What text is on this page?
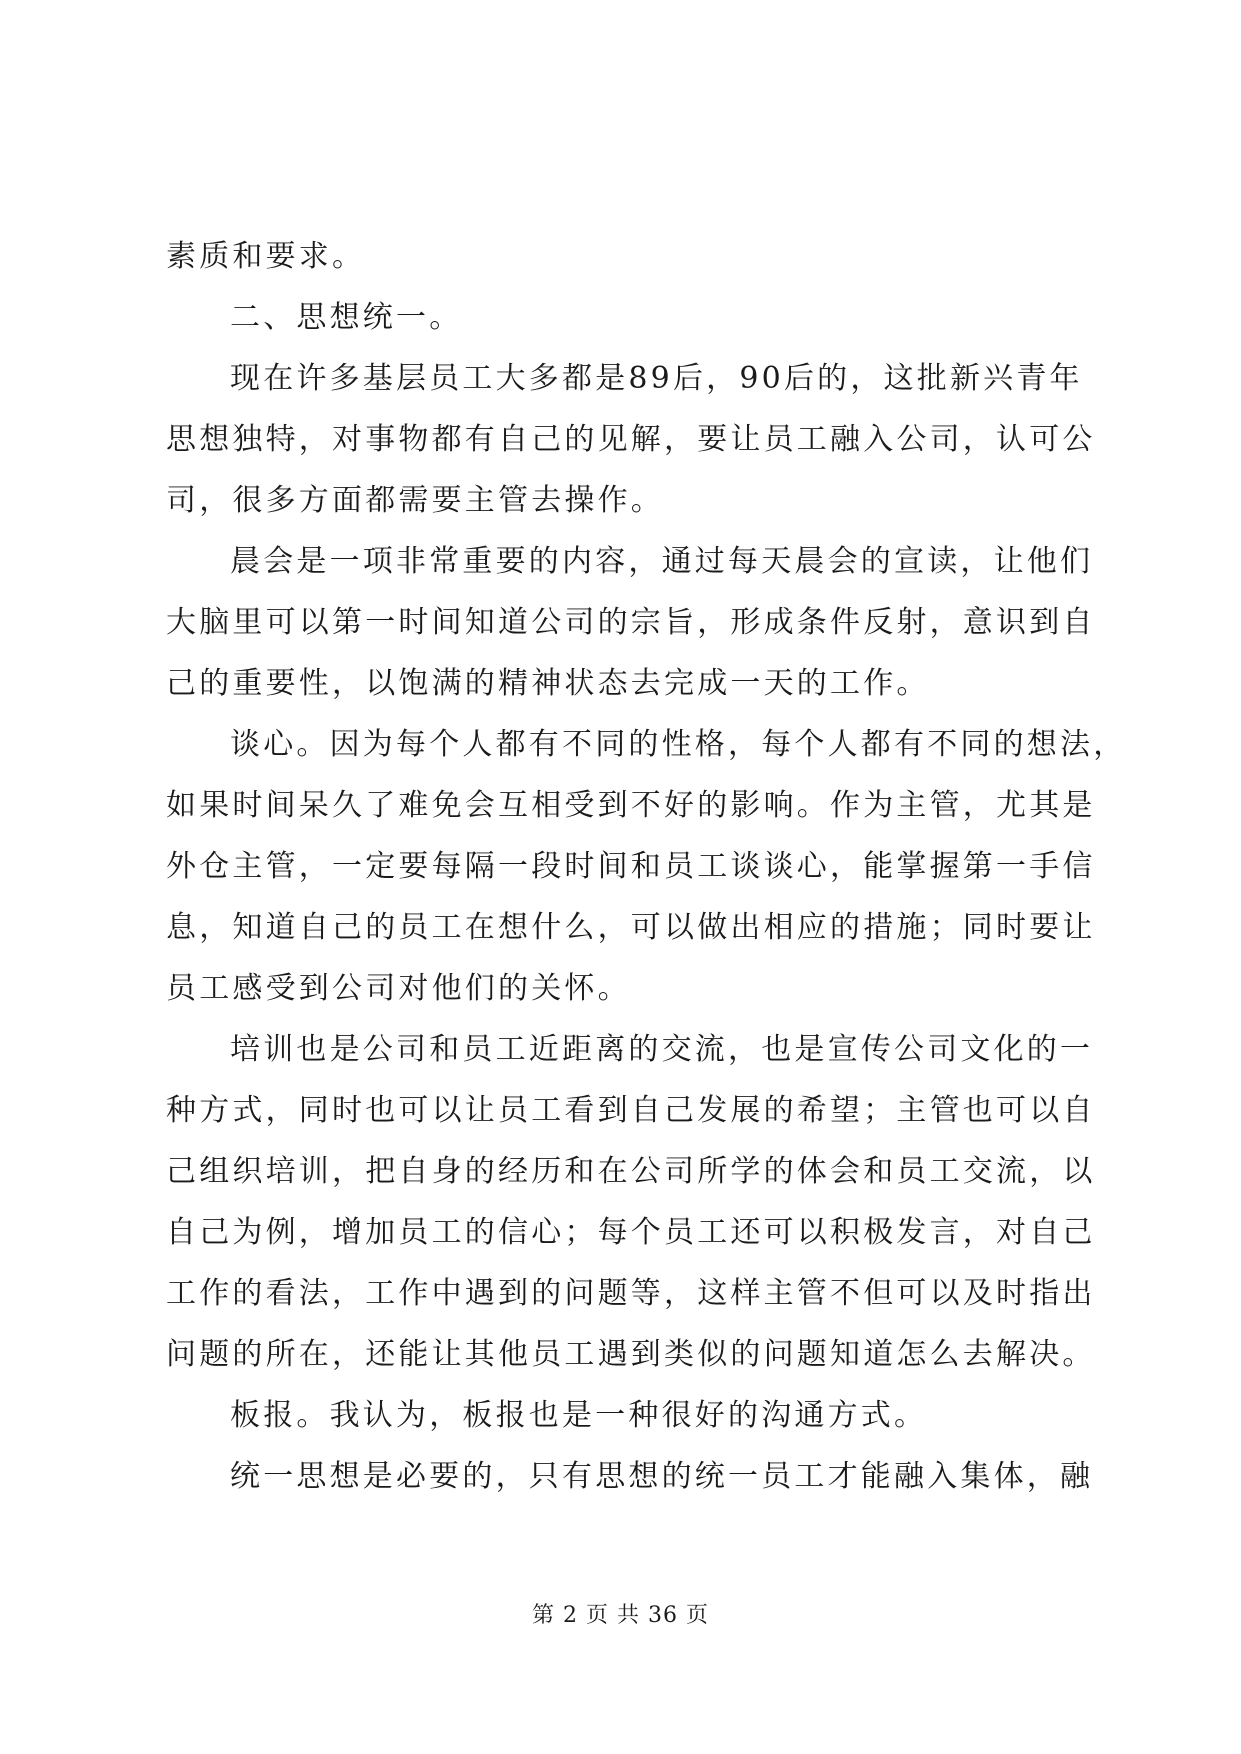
素质和要求。
二、思想统一。
现在许多基层员工大多都是89后，90后的，这批新兴青年
思想独特，对事物都有自己的见解，要让员工融入公司，认可公
司，很多方面都需要主管去操作。
晨会是一项非常重要的内容，通过每天晨会的宣读，让他们
大脑里可以第一时间知道公司的宗旨，形成条件反射，意识到自
己的重要性，以饱满的精神状态去完成一天的工作。
谈心。因为每个人都有不同的性格，每个人都有不同的想法，
如果时间呆久了难免会互相受到不好的影响。作为主管，尤其是
外仓主管，一定要每隔一段时间和员工谈谈心，能掌握第一手信
息，知道自己的员工在想什么，可以做出相应的措施；同时要让
员工感受到公司对他们的关怀。
培训也是公司和员工近距离的交流，也是宣传公司文化的一
种方式，同时也可以让员工看到自己发展的希望；主管也可以自
己组织培训，把自身的经历和在公司所学的体会和员工交流，以
自己为例，增加员工的信心；每个员工还可以积极发言，对自己
工作的看法，工作中遇到的问题等，这样主管不但可以及时指出
问题的所在，还能让其他员工遇到类似的问题知道怎么去解决。
板报。我认为，板报也是一种很好的沟通方式。
统一思想是必要的，只有思想的统一员工才能融入集体，融
第 2 页 共 36 页
